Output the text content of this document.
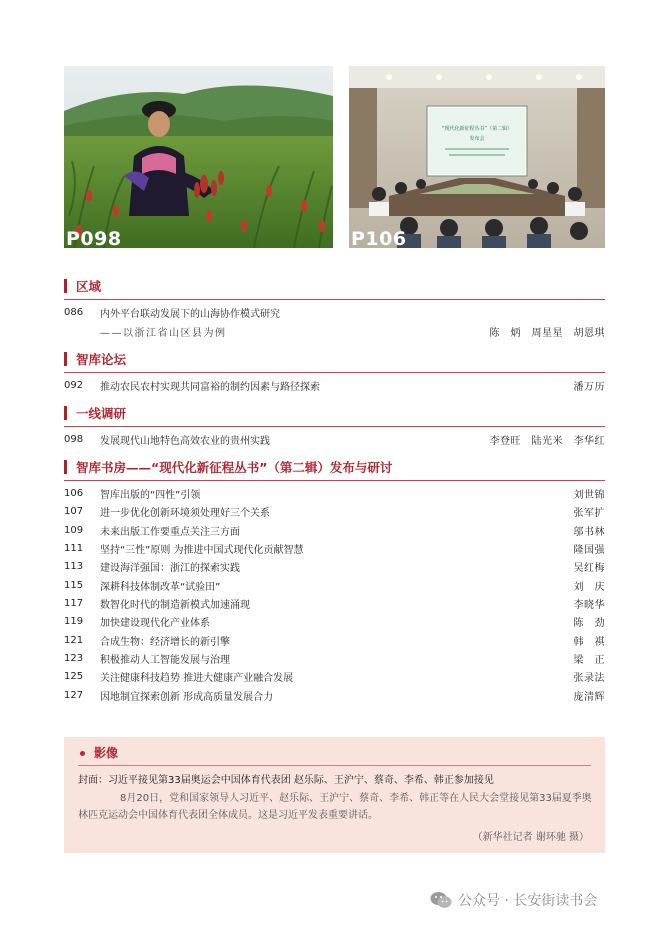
P098
“现代化新征程丛书”（第二辑）
发布会
P106
区域
086	内外平台联动发展下的山海协作模式研究
——以浙江省山区县为例	陈　炳　周星星　胡恩琪
智库论坛
092	推动农民农村实现共同富裕的制约因素与路径探索	潘万历
一线调研
098	发展现代山地特色高效农业的贵州实践	李登旺　陆光米　李华红
智库书房——“现代化新征程丛书”（第二辑）发布与研讨
106	智库出版的“四性”引领	刘世锦
107	进一步优化创新环境须处理好三个关系	张军扩
109	未来出版工作要重点关注三方面	邬书林
111	坚持“三性”原则 为推进中国式现代化贡献智慧	隆国强
113	建设海洋强国：浙江的探索实践	吴红梅
115	深耕科技体制改革“试验田”	刘　庆
117	数智化时代的制造新模式加速涌现	李晓华
119	加快建设现代化产业体系	陈　劲
121	合成生物：经济增长的新引擎	韩　祺
123	积极推动人工智能发展与治理	梁　正
125	关注健康科技趋势 推进大健康产业融合发展	张录法
127	因地制宜探索创新 形成高质量发展合力	庞清辉
影像
封面：习近平接见第33届奥运会中国体育代表团 赵乐际、王沪宁、蔡奇、李希、韩正参加接见
8月20日，党和国家领导人习近平、赵乐际、王沪宁、蔡奇、李希、韩正等在人民大会堂接见第33届夏季奥林匹克运动会中国体育代表团全体成员。这是习近平发表重要讲话。
（新华社记者 谢环驰 摄）
公众号 · 长安街读书会
